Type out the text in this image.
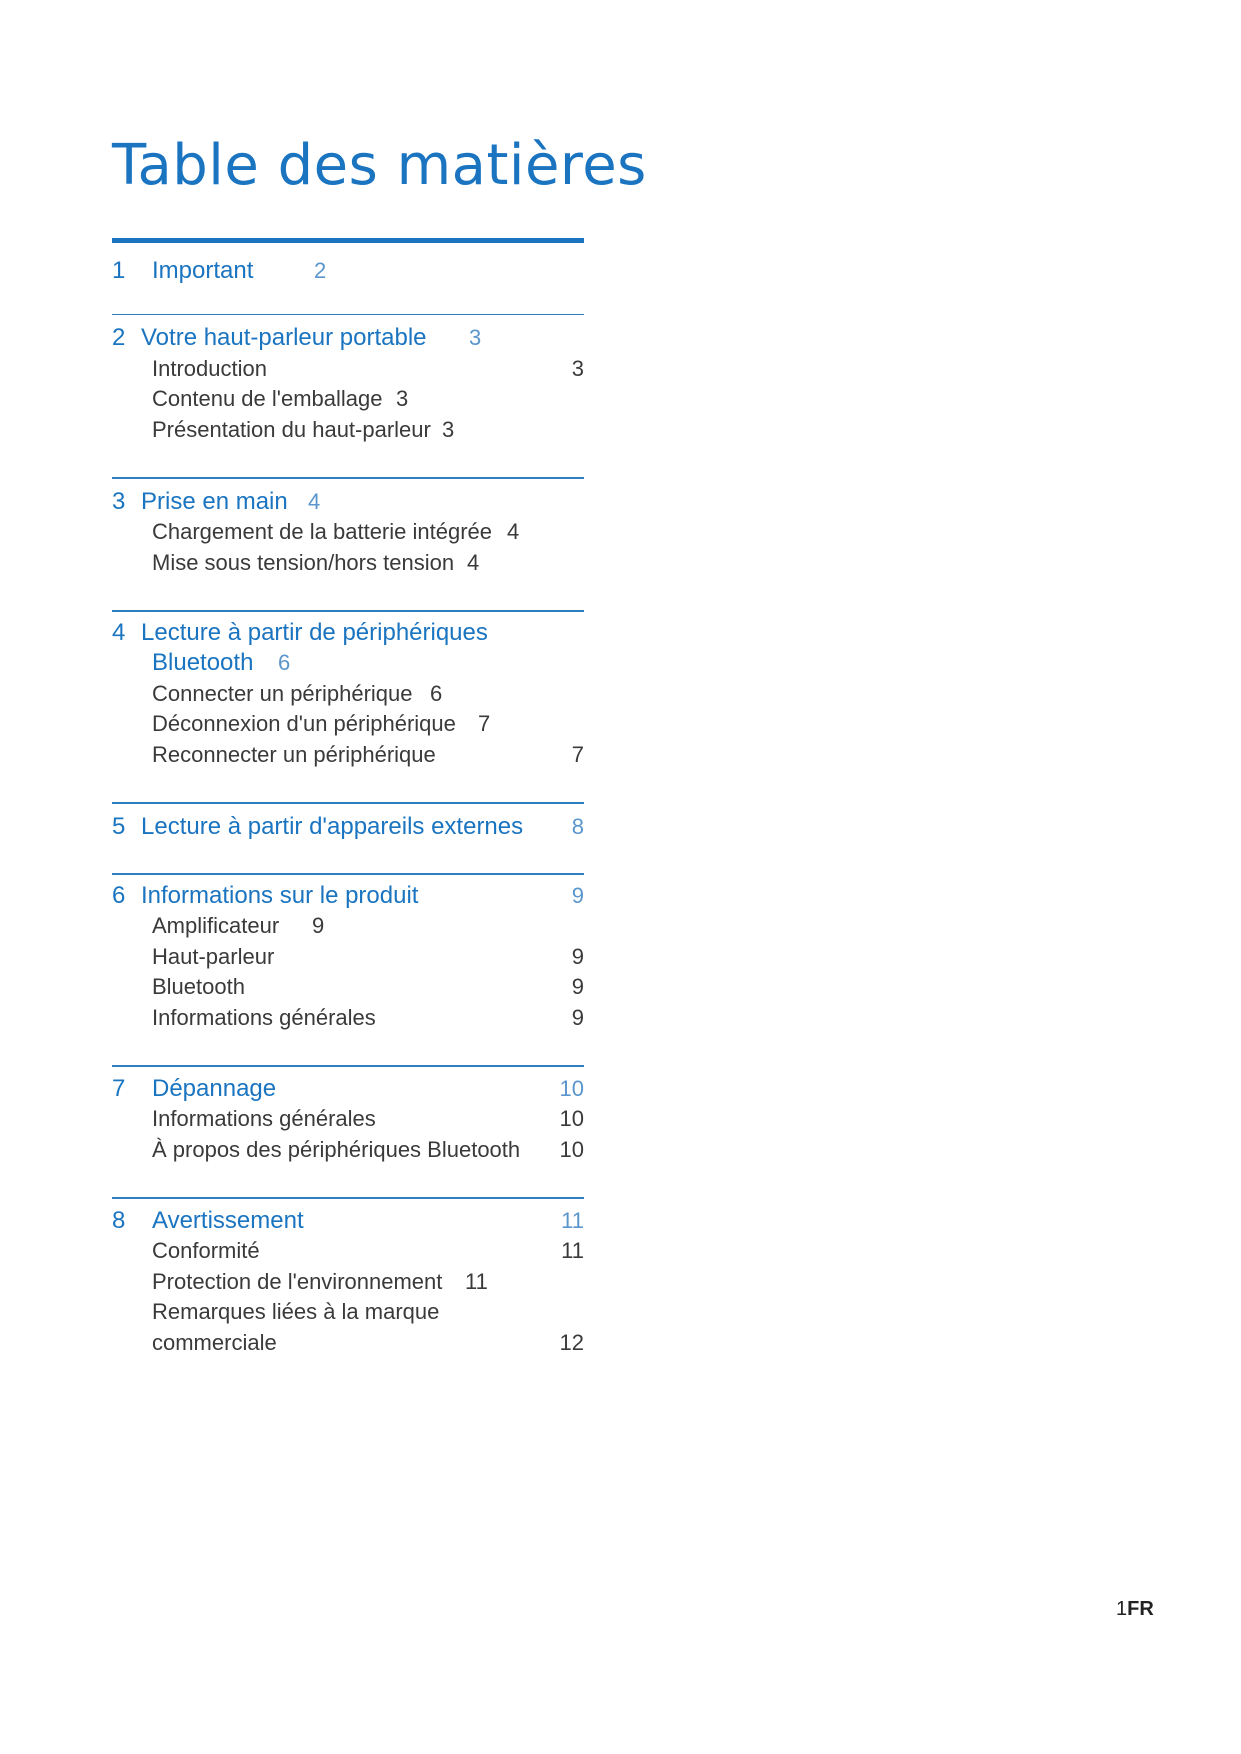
Table des matières
1 Important	2
2 Votre haut-parleur portable 3
Introduction	3
Contenu de l'emballage 3
Présentation du haut-parleur 3
3 Prise en main 4
Chargement de la batterie intégrée 4
Mise sous tension/hors tension 4
4 Lecture à partir de périphériques
Bluetooth 6
Connecter un périphérique 6
Déconnexion d'un périphérique 7
Reconnecter un périphérique	7
5 Lecture à partir d'appareils externes 8
6 Informations sur le produit	9
Amplificateur 9
Haut-parleur	9
Bluetooth	9
Informations générales	9
7 Dépannage	10
Informations générales	10
À propos des périphériques Bluetooth 10
8 Avertissement	11
Conformité	11
Protection de l'environnement 11
Remarques liées à la marque
commerciale	12
1FR
